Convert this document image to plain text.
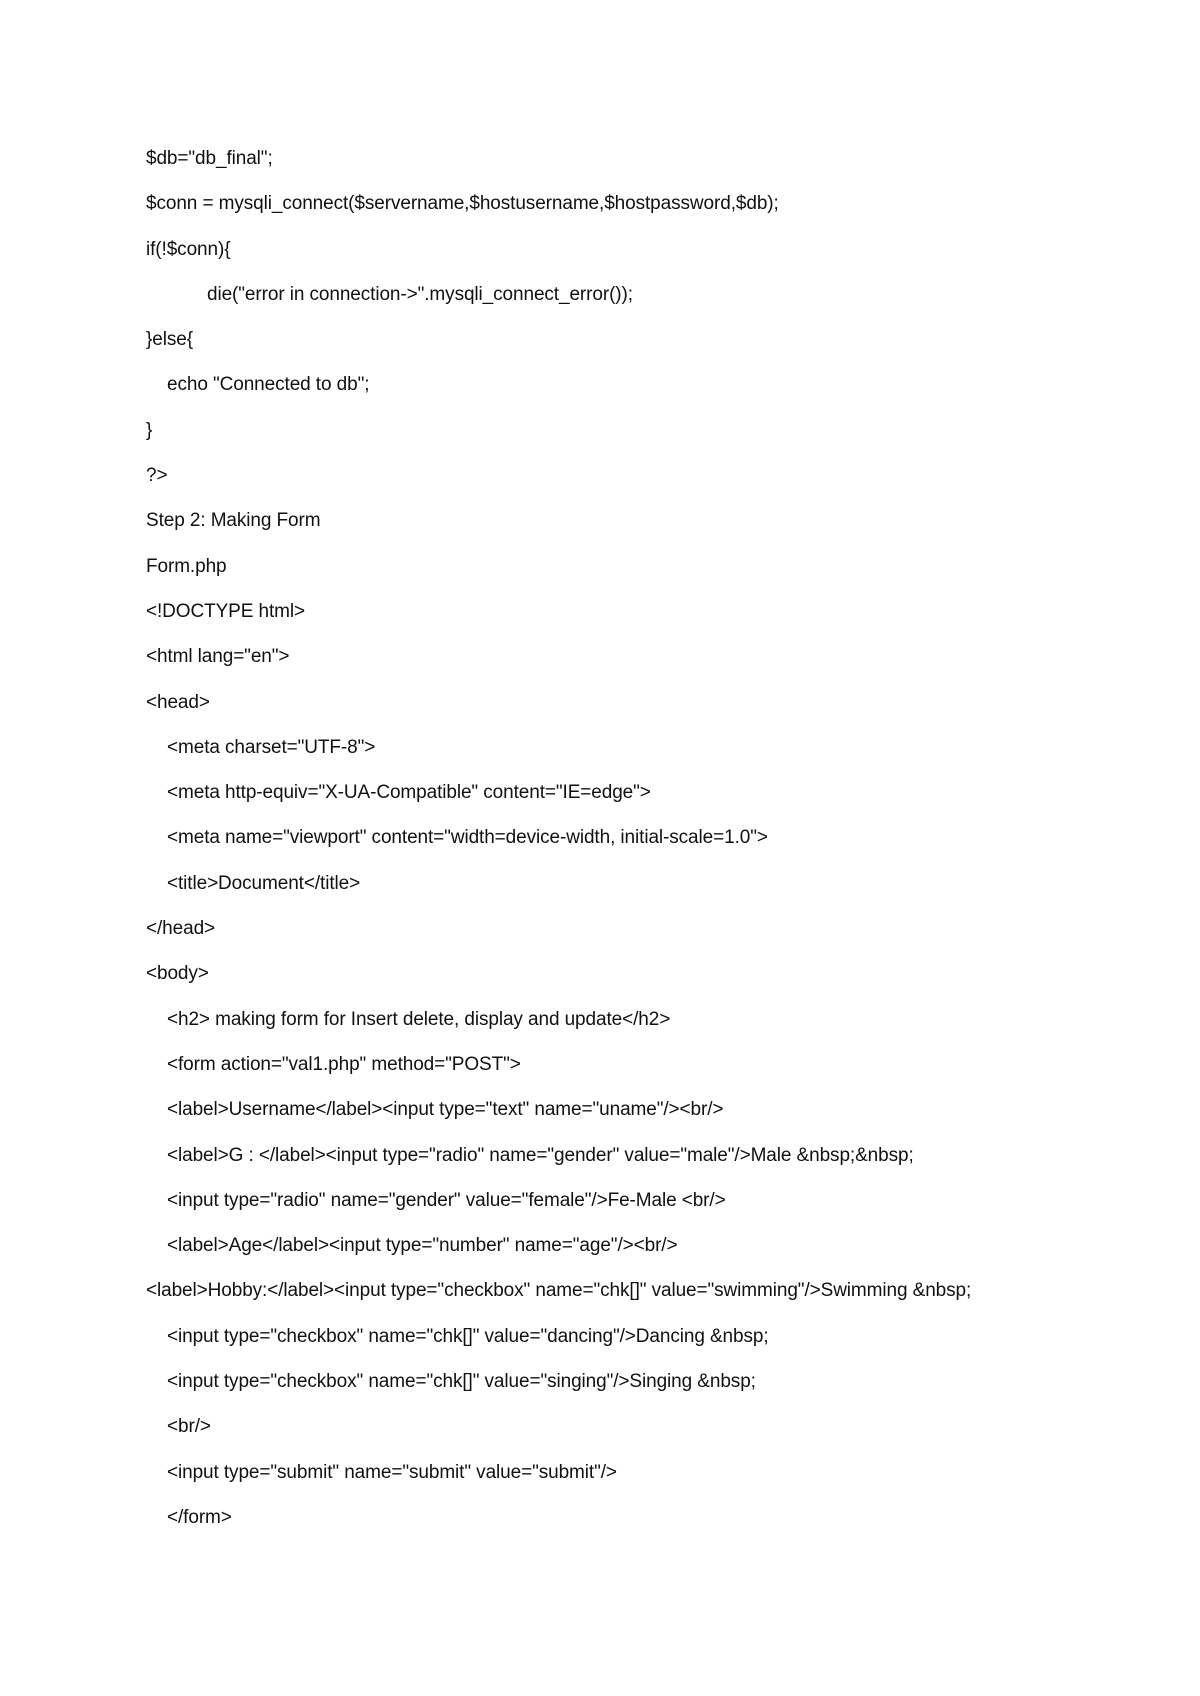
$db="db_final";
$conn = mysqli_connect($servername,$hostusername,$hostpassword,$db);
if(!$conn){
die("error in connection->".mysqli_connect_error());
}else{
echo "Connected to db";
}
?>
Step 2: Making Form
Form.php
<!DOCTYPE html>
<html lang="en">
<head>
<meta charset="UTF-8">
<meta http-equiv="X-UA-Compatible" content="IE=edge">
<meta name="viewport" content="width=device-width, initial-scale=1.0">
<title>Document</title>
</head>
<body>
<h2> making form for Insert delete, display and update</h2>
<form action="val1.php" method="POST">
<label>Username</label><input type="text" name="uname"/><br/>
<label>G : </label><input type="radio" name="gender" value="male"/>Male &nbsp;&nbsp;
<input type="radio" name="gender" value="female"/>Fe-Male <br/>
<label>Age</label><input type="number" name="age"/><br/>
<label>Hobby:</label><input type="checkbox" name="chk[]" value="swimming"/>Swimming &nbsp;
<input type="checkbox" name="chk[]" value="dancing"/>Dancing &nbsp;
<input type="checkbox" name="chk[]" value="singing"/>Singing &nbsp;
<br/>
<input type="submit" name="submit" value="submit"/>
</form>
